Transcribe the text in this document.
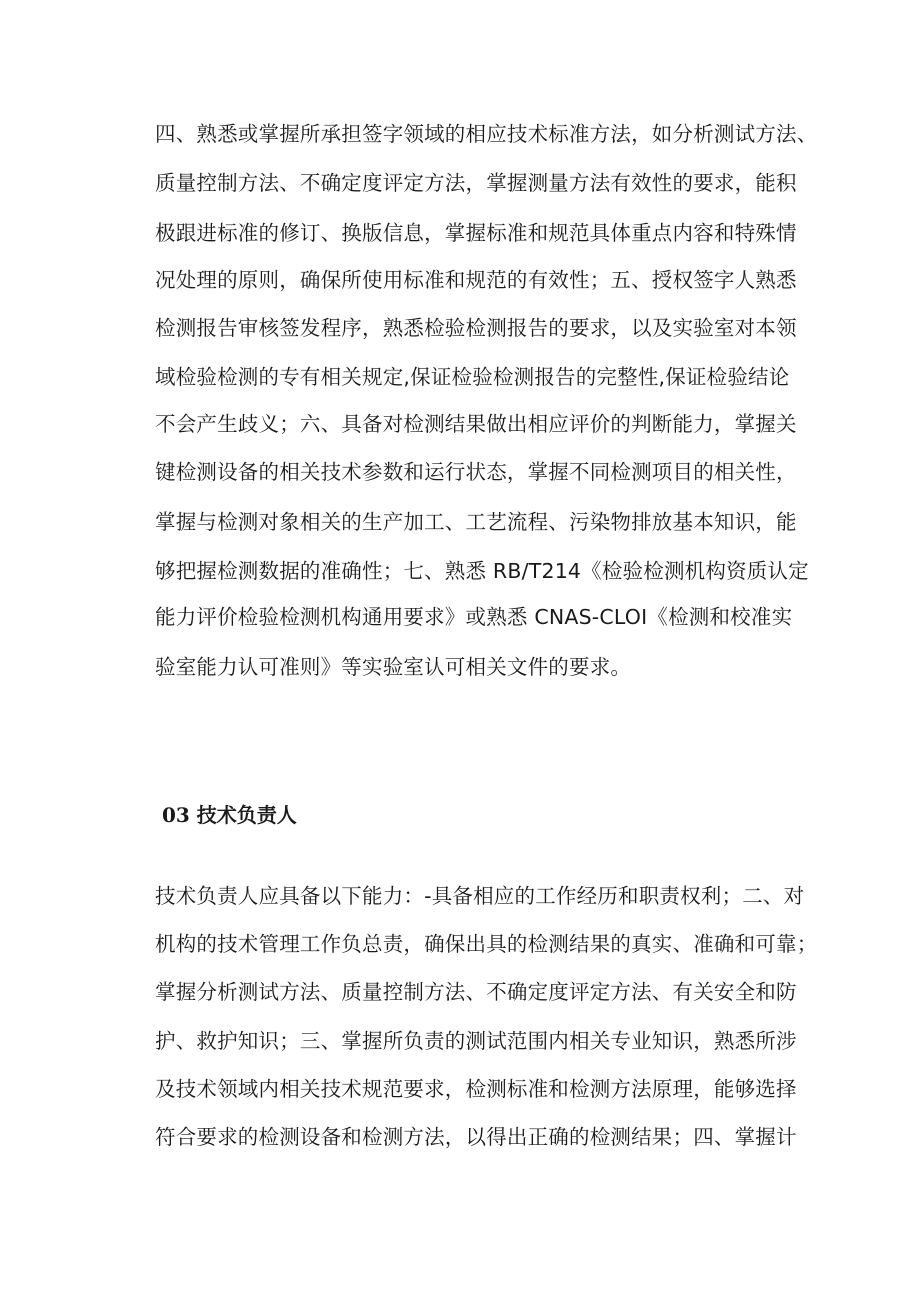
四、熟悉或掌握所承担签字领域的相应技术标准方法，如分析测试方法、
质量控制方法、不确定度评定方法，掌握测量方法有效性的要求，能积
极跟进标准的修订、换版信息，掌握标准和规范具体重点内容和特殊情
况处理的原则，确保所使用标准和规范的有效性；五、授权签字人熟悉
检测报告审核签发程序，熟悉检验检测报告的要求，以及实验室对本领
域检验检测的专有相关规定,保证检验检测报告的完整性,保证检验结论
不会产生歧义；六、具备对检测结果做出相应评价的判断能力，掌握关
键检测设备的相关技术参数和运行状态，掌握不同检测项目的相关性，
掌握与检测对象相关的生产加工、工艺流程、污染物排放基本知识，能
够把握检测数据的准确性；七、熟悉 RB/T214《检验检测机构资质认定
能力评价检验检测机构通用要求》或熟悉 CNAS-CLOI《检测和校准实
验室能力认可准则》等实验室认可相关文件的要求。
03 技术负责人
技术负责人应具备以下能力：-具备相应的工作经历和职责权利；二、对
机构的技术管理工作负总责，确保出具的检测结果的真实、准确和可靠；
掌握分析测试方法、质量控制方法、不确定度评定方法、有关安全和防
护、救护知识；三、掌握所负责的测试范围内相关专业知识，熟悉所涉
及技术领域内相关技术规范要求，检测标准和检测方法原理，能够选择
符合要求的检测设备和检测方法，以得出正确的检测结果；四、掌握计
